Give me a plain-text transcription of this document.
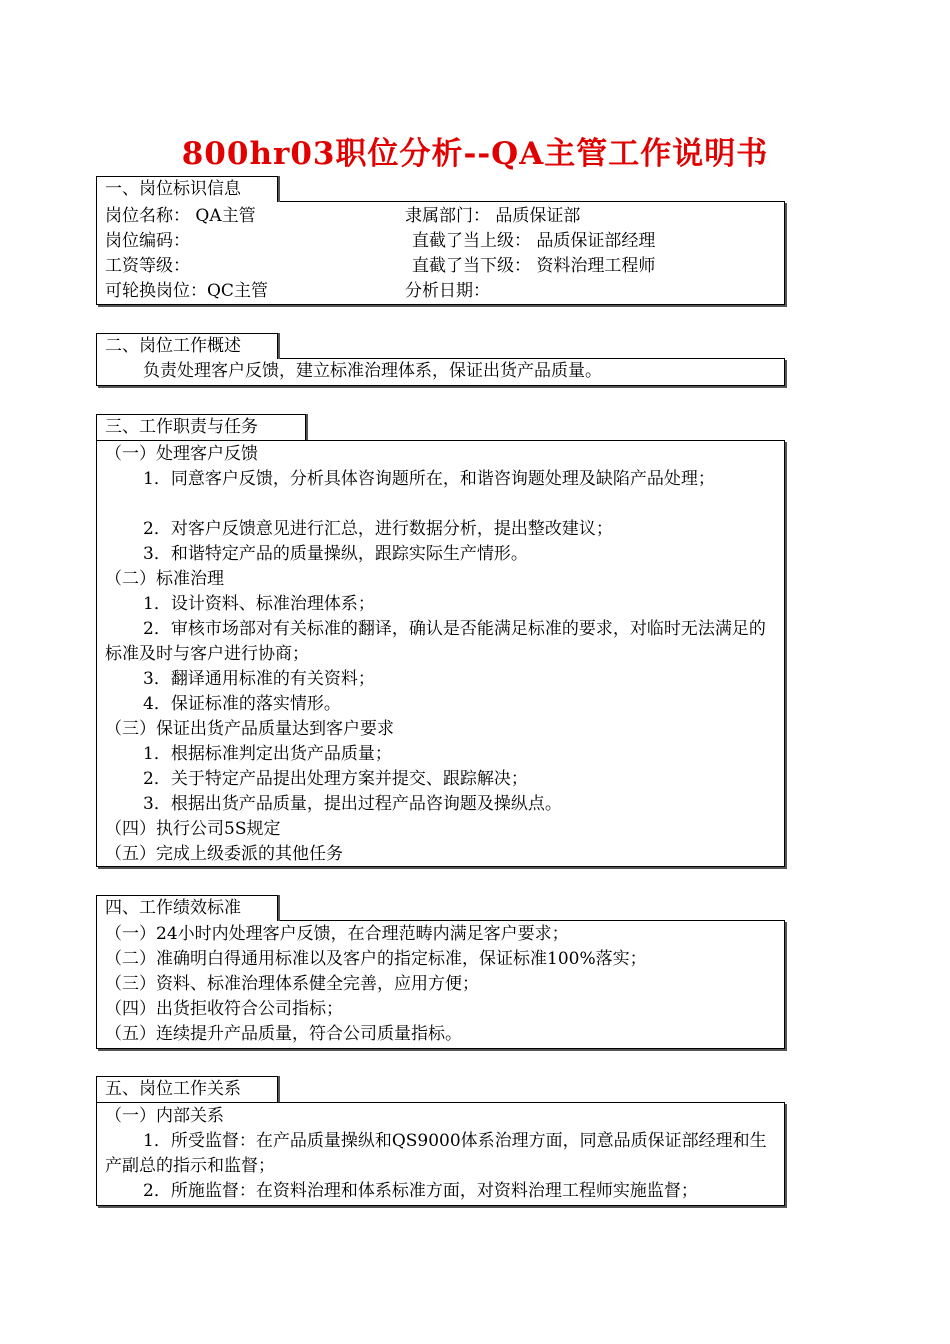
800hr03职位分析--QA主管工作说明书
一、岗位标识信息
岗位名称： QA主管	隶属部门： 品质保证部
岗位编码：	直截了当上级： 品质保证部经理
工资等级：	直截了当下级： 资料治理工程师
可轮换岗位：QC主管	分析日期：
二、岗位工作概述
负责处理客户反馈，建立标准治理体系，保证出货产品质量。
三、工作职责与任务
（一）处理客户反馈
1．同意客户反馈，分析具体咨询题所在，和谐咨询题处理及缺陷产品处理；
2．对客户反馈意见进行汇总，进行数据分析，提出整改建议；
3．和谐特定产品的质量操纵，跟踪实际生产情形。
（二）标准治理
1．设计资料、标准治理体系；
2．审核市场部对有关标准的翻译，确认是否能满足标准的要求，对临时无法满足的标准及时与客户进行协商；
3．翻译通用标准的有关资料；
4．保证标准的落实情形。
（三）保证出货产品质量达到客户要求
1．根据标准判定出货产品质量；
2．关于特定产品提出处理方案并提交、跟踪解决；
3．根据出货产品质量，提出过程产品咨询题及操纵点。
（四）执行公司5S规定
（五）完成上级委派的其他任务
四、工作绩效标准
（一）24小时内处理客户反馈，在合理范畴内满足客户要求；
（二）准确明白得通用标准以及客户的指定标准，保证标准100%落实；
（三）资料、标准治理体系健全完善，应用方便；
（四）出货拒收符合公司指标；
（五）连续提升产品质量，符合公司质量指标。
五、岗位工作关系
（一）内部关系
1．所受监督：在产品质量操纵和QS9000体系治理方面，同意品质保证部经理和生产副总的指示和监督；
2．所施监督：在资料治理和体系标准方面，对资料治理工程师实施监督；
